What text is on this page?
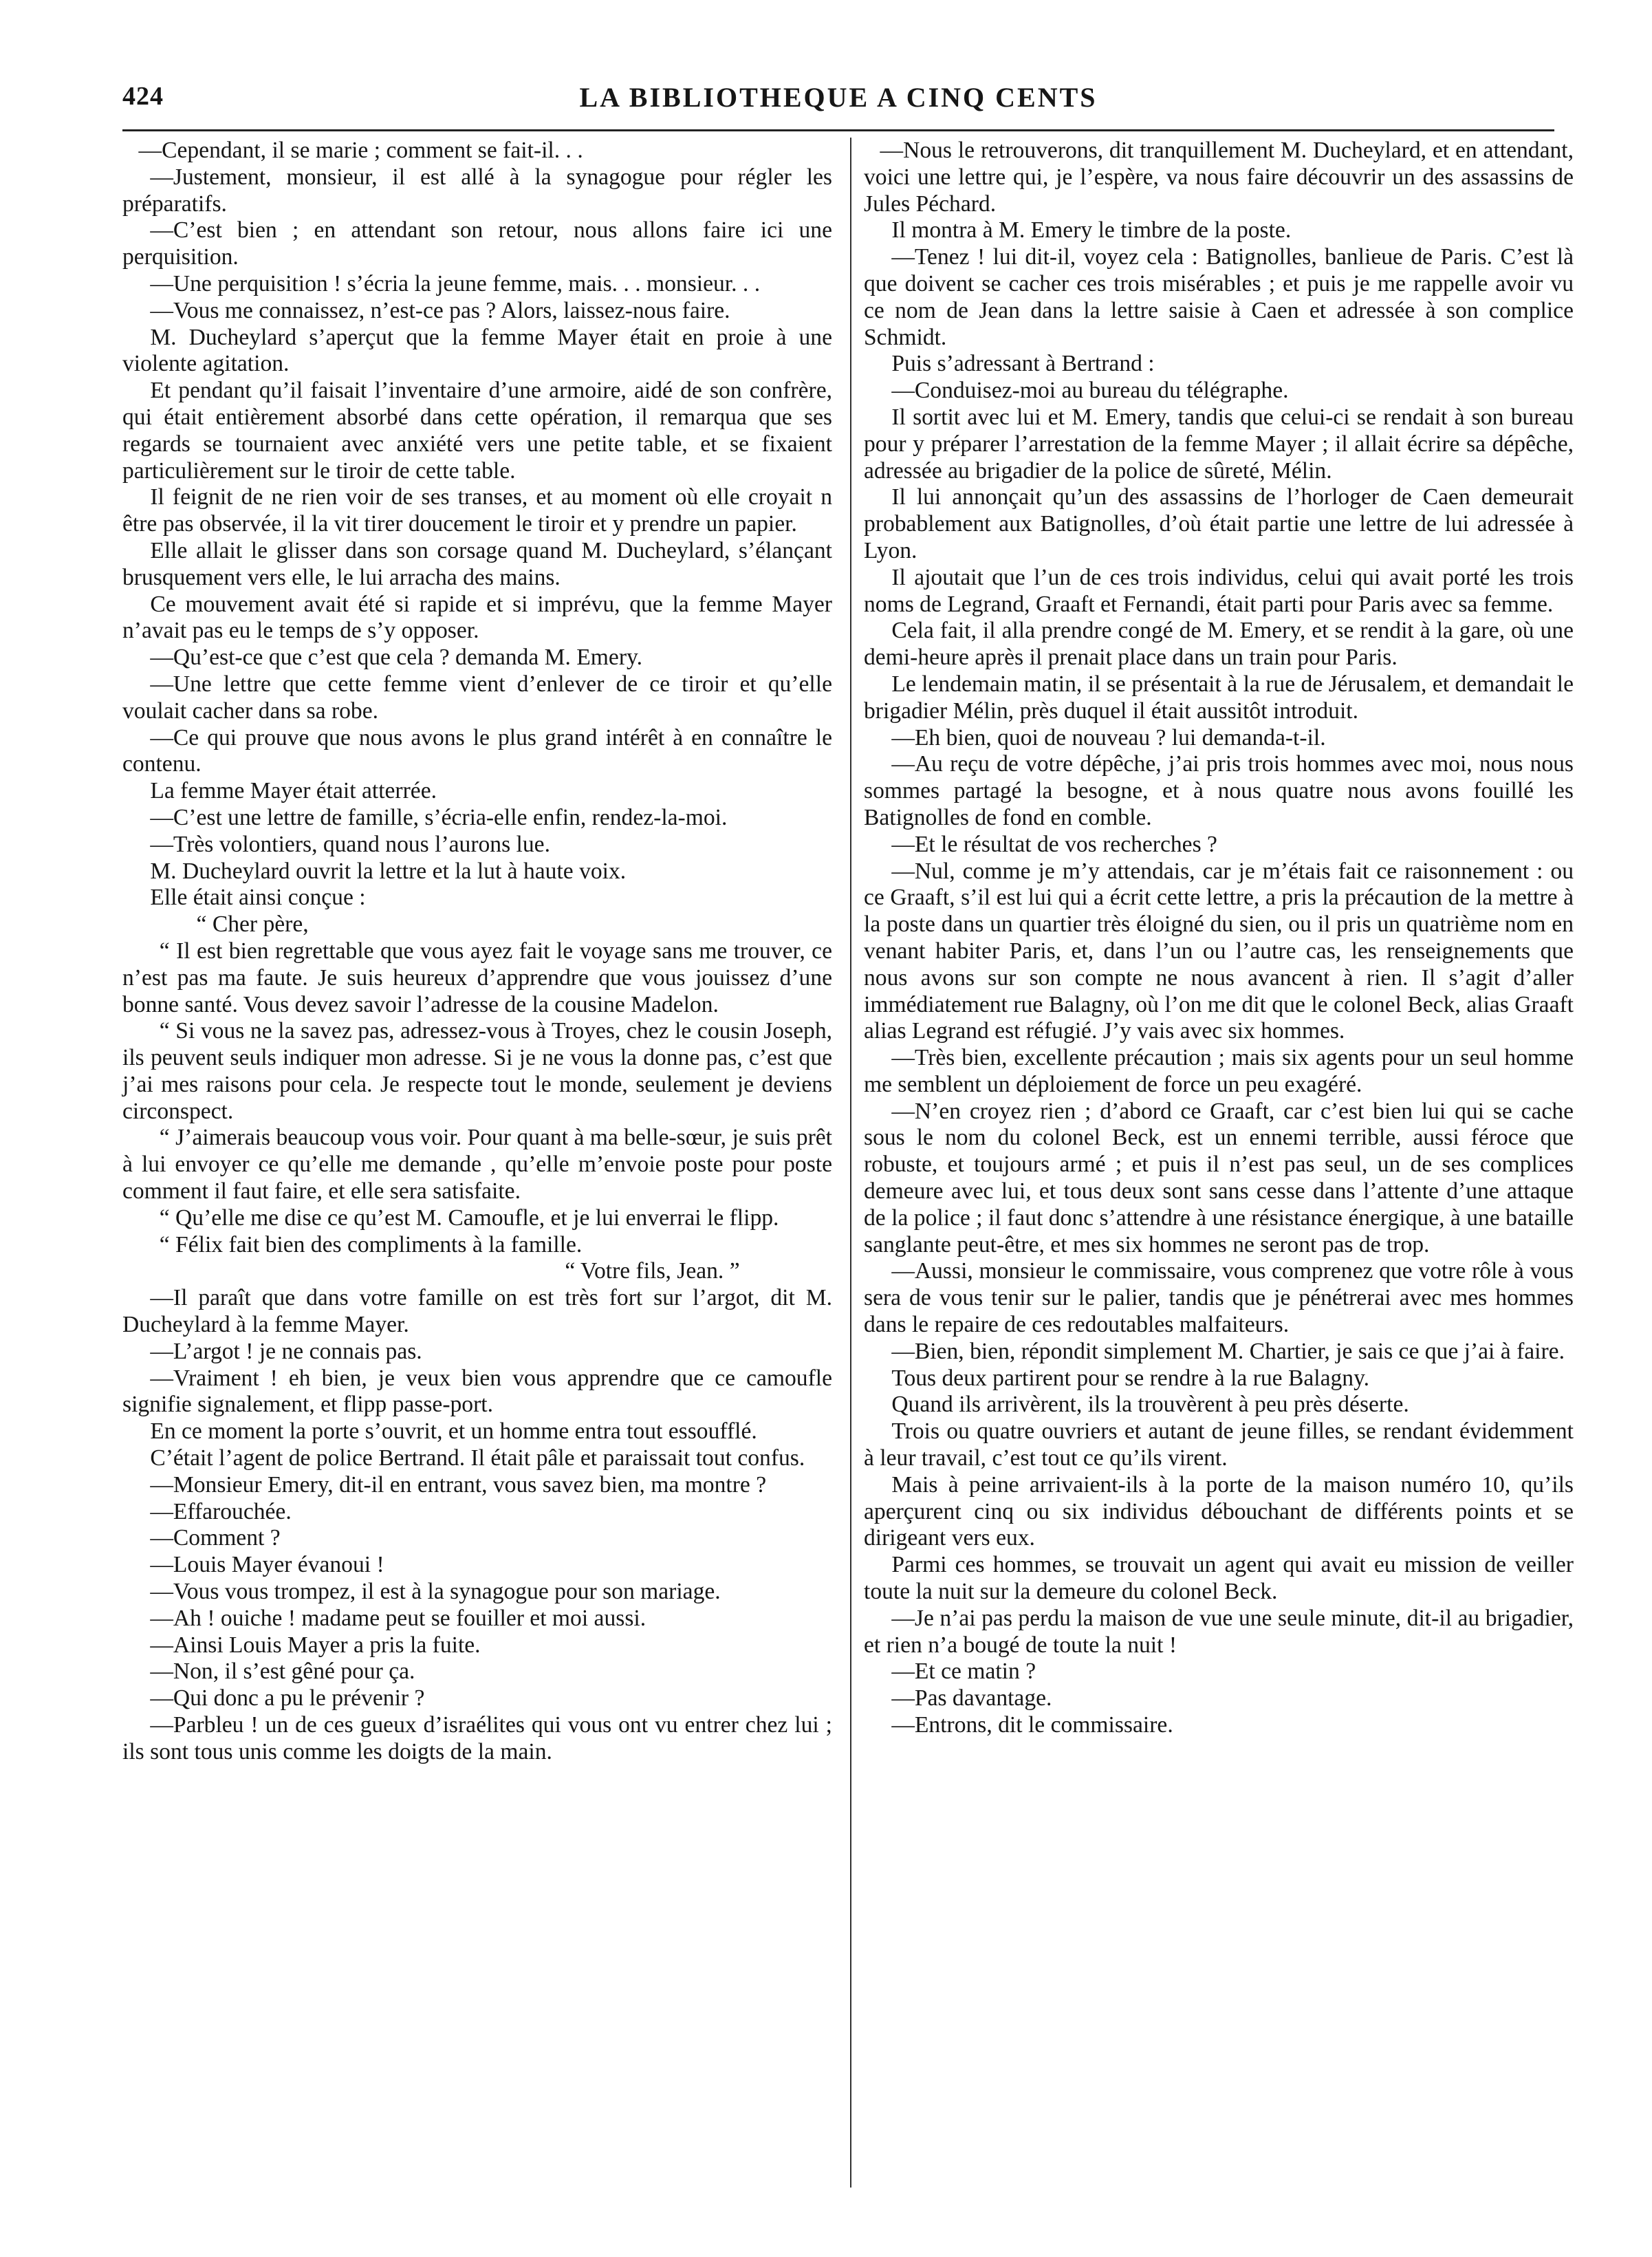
424	LA BIBLIOTHEQUE A CINQ CENTS

—Cependant, il se marie ; comment se fait-il. . .

—Justement, monsieur, il est allé à la synagogue pour régler les préparatifs.

—C’est bien ; en attendant son retour, nous allons faire ici une perquisition.

—Une perquisition ! s’écria la jeune femme, mais. . . monsieur. . .

—Vous me connaissez, n’est-ce pas ? Alors, laissez-nous faire.

M. Ducheylard s’aperçut que la femme Mayer était en proie à une violente agitation.

Et pendant qu’il faisait l’inventaire d’une armoire, aidé de son confrère, qui était entièrement absorbé dans cette opération, il remarqua que ses regards se tournaient avec anxiété vers une petite table, et se fixaient particulièrement sur le tiroir de cette table.

Il feignit de ne rien voir de ses transes, et au moment où elle croyait n être pas observée, il la vit tirer doucement le tiroir et y prendre un papier.

Elle allait le glisser dans son corsage quand M. Ducheylard, s’élançant brusquement vers elle, le lui arracha des mains.

Ce mouvement avait été si rapide et si imprévu, que la femme Mayer n’avait pas eu le temps de s’y opposer.

—Qu’est-ce que c’est que cela ? demanda M. Emery.

—Une lettre que cette femme vient d’enlever de ce tiroir et qu’elle voulait cacher dans sa robe.

—Ce qui prouve que nous avons le plus grand intérêt à en connaître le contenu.

La femme Mayer était atterrée.

—C’est une lettre de famille, s’écria-elle enfin, rendez-la-moi.

—Très volontiers, quand nous l’aurons lue.

M. Ducheylard ouvrit la lettre et la lut à haute voix.

Elle était ainsi conçue :

“ Cher père,

“ Il est bien regrettable que vous ayez fait le voyage sans me trouver, ce n’est pas ma faute. Je suis heureux d’apprendre que vous jouissez d’une bonne santé. Vous devez savoir l’adresse de la cousine Madelon.

“ Si vous ne la savez pas, adressez-vous à Troyes, chez le cousin Joseph, ils peuvent seuls indiquer mon adresse. Si je ne vous la donne pas, c’est que j’ai mes raisons pour cela. Je respecte tout le monde, seulement je deviens circonspect.

“ J’aimerais beaucoup vous voir. Pour quant à ma belle-sœur, je suis prêt à lui envoyer ce qu’elle me demande , qu’elle m’envoie poste pour poste comment il faut faire, et elle sera satisfaite.

“ Qu’elle me dise ce qu’est M. Camoufle, et je lui enverrai le flipp.

“ Félix fait bien des compliments à la famille.

“ Votre fils, Jean. ”

—Il paraît que dans votre famille on est très fort sur l’argot, dit M. Ducheylard à la femme Mayer.

—L’argot ! je ne connais pas.

—Vraiment ! eh bien, je veux bien vous apprendre que ce camoufle signifie signalement, et flipp passe-port.

En ce moment la porte s’ouvrit, et un homme entra tout essoufflé.

C’était l’agent de police Bertrand. Il était pâle et paraissait tout confus.

—Monsieur Emery, dit-il en entrant, vous savez bien, ma montre ?

—Effarouchée.

—Comment ?

—Louis Mayer évanoui !

—Vous vous trompez, il est à la synagogue pour son mariage.

—Ah ! ouiche ! madame peut se fouiller et moi aussi.

—Ainsi Louis Mayer a pris la fuite.

—Non, il s’est gêné pour ça.

—Qui donc a pu le prévenir ?

—Parbleu ! un de ces gueux d’israélites qui vous ont vu entrer chez lui ; ils sont tous unis comme les doigts de la main.

—Nous le retrouverons, dit tranquillement M. Ducheylard, et en attendant, voici une lettre qui, je l’espère, va nous faire découvrir un des assassins de Jules Péchard.

Il montra à M. Emery le timbre de la poste.

—Tenez ! lui dit-il, voyez cela : Batignolles, banlieue de Paris. C’est là que doivent se cacher ces trois misérables ; et puis je me rappelle avoir vu ce nom de Jean dans la lettre saisie à Caen et adressée à son complice Schmidt.

Puis s’adressant à Bertrand :

—Conduisez-moi au bureau du télégraphe.

Il sortit avec lui et M. Emery, tandis que celui-ci se rendait à son bureau pour y préparer l’arrestation de la femme Mayer ; il allait écrire sa dépêche, adressée au brigadier de la police de sûreté, Mélin.

Il lui annonçait qu’un des assassins de l’horloger de Caen demeurait probablement aux Batignolles, d’où était partie une lettre de lui adressée à Lyon.

Il ajoutait que l’un de ces trois individus, celui qui avait porté les trois noms de Legrand, Graaft et Fernandi, était parti pour Paris avec sa femme.

Cela fait, il alla prendre congé de M. Emery, et se rendit à la gare, où une demi-heure après il prenait place dans un train pour Paris.

Le lendemain matin, il se présentait à la rue de Jérusalem, et demandait le brigadier Mélin, près duquel il était aussitôt introduit.

—Eh bien, quoi de nouveau ? lui demanda-t-il.

—Au reçu de votre dépêche, j’ai pris trois hommes avec moi, nous nous sommes partagé la besogne, et à nous quatre nous avons fouillé les Batignolles de fond en comble.

—Et le résultat de vos recherches ?

—Nul, comme je m’y attendais, car je m’étais fait ce raisonnement : ou ce Graaft, s’il est lui qui a écrit cette lettre, a pris la précaution de la mettre à la poste dans un quartier très éloigné du sien, ou il pris un quatrième nom en venant habiter Paris, et, dans l’un ou l’autre cas, les renseignements que nous avons sur son compte ne nous avancent à rien. Il s’agit d’aller immédiatement rue Balagny, où l’on me dit que le colonel Beck, alias Graaft alias Legrand est réfugié. J’y vais avec six hommes.

—Très bien, excellente précaution ; mais six agents pour un seul homme me semblent un déploiement de force un peu exagéré.

—N’en croyez rien ; d’abord ce Graaft, car c’est bien lui qui se cache sous le nom du colonel Beck, est un ennemi terrible, aussi féroce que robuste, et toujours armé ; et puis il n’est pas seul, un de ses complices demeure avec lui, et tous deux sont sans cesse dans l’attente d’une attaque de la police ; il faut donc s’attendre à une résistance énergique, à une bataille sanglante peut-être, et mes six hommes ne seront pas de trop.

—Aussi, monsieur le commissaire, vous comprenez que votre rôle à vous sera de vous tenir sur le palier, tandis que je pénétrerai avec mes hommes dans le repaire de ces redoutables malfaiteurs.

—Bien, bien, répondit simplement M. Chartier, je sais ce que j’ai à faire.

Tous deux partirent pour se rendre à la rue Balagny.

Quand ils arrivèrent, ils la trouvèrent à peu près déserte.

Trois ou quatre ouvriers et autant de jeune filles, se rendant évidemment à leur travail, c’est tout ce qu’ils virent.

Mais à peine arrivaient-ils à la porte de la maison numéro 10, qu’ils aperçurent cinq ou six individus débouchant de différents points et se dirigeant vers eux.

Parmi ces hommes, se trouvait un agent qui avait eu mission de veiller toute la nuit sur la demeure du colonel Beck.

—Je n’ai pas perdu la maison de vue une seule minute, dit-il au brigadier, et rien n’a bougé de toute la nuit !

—Et ce matin ?

—Pas davantage.

—Entrons, dit le commissaire.
